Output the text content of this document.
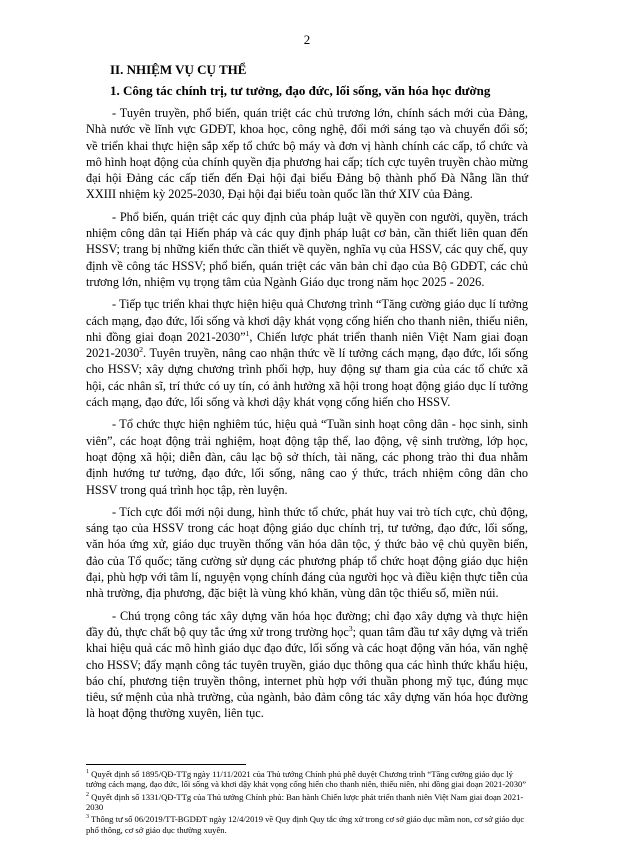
2
II. NHIỆM VỤ CỤ THỂ
1. Công tác chính trị, tư tưởng, đạo đức, lối sống, văn hóa học đường

- Tuyên truyền, phổ biến, quán triệt các chủ trương lớn, chính sách mới của Đảng, Nhà nước về lĩnh vực GDĐT, khoa học, công nghệ, đổi mới sáng tạo và chuyển đổi số; về triển khai thực hiện sắp xếp tổ chức bộ máy và đơn vị hành chính các cấp, tổ chức và mô hình hoạt động của chính quyền địa phương hai cấp; tích cực tuyên truyền chào mừng đại hội Đảng các cấp tiến đến Đại hội đại biểu Đảng bộ thành phố Đà Nẵng lần thứ XXIII nhiệm kỳ 2025-2030, Đại hội đại biểu toàn quốc lần thứ XIV của Đảng.

- Phổ biến, quán triệt các quy định của pháp luật về quyền con người, quyền, trách nhiệm công dân tại Hiến pháp và các quy định pháp luật cơ bản, cần thiết liên quan đến HSSV; trang bị những kiến thức cần thiết về quyền, nghĩa vụ của HSSV, các quy chế, quy định về công tác HSSV; phổ biến, quán triệt các văn bản chỉ đạo của Bộ GDĐT, các chủ trương lớn, nhiệm vụ trọng tâm của Ngành Giáo dục trong năm học 2025 - 2026.

- Tiếp tục triển khai thực hiện hiệu quả Chương trình “Tăng cường giáo dục lí tưởng cách mạng, đạo đức, lối sống và khơi dậy khát vọng cống hiến cho thanh niên, thiếu niên, nhi đồng giai đoạn 2021-2030”$^1$, Chiến lược phát triển thanh niên Việt Nam giai đoạn 2021-2030$^2$. Tuyên truyền, nâng cao nhận thức về lí tưởng cách mạng, đạo đức, lối sống cho HSSV; xây dựng chương trình phối hợp, huy động sự tham gia của các tổ chức xã hội, các nhân sĩ, trí thức có uy tín, có ảnh hưởng xã hội trong hoạt động giáo dục lí tưởng cách mạng, đạo đức, lối sống và khơi dậy khát vọng cống hiến cho HSSV.

- Tổ chức thực hiện nghiêm túc, hiệu quả “Tuần sinh hoạt công dân - học sinh, sinh viên”, các hoạt động trải nghiệm, hoạt động tập thể, lao động, vệ sinh trường, lớp học, hoạt động xã hội; diễn đàn, câu lạc bộ sở thích, tài năng, các phong trào thi đua nhằm định hướng tư tưởng, đạo đức, lối sống, nâng cao ý thức, trách nhiệm công dân cho HSSV trong quá trình học tập, rèn luyện.

- Tích cực đổi mới nội dung, hình thức tổ chức, phát huy vai trò tích cực, chủ động, sáng tạo của HSSV trong các hoạt động giáo dục chính trị, tư tưởng, đạo đức, lối sống, văn hóa ứng xử, giáo dục truyền thống văn hóa dân tộc, ý thức bảo vệ chủ quyền biển, đảo của Tổ quốc; tăng cường sử dụng các phương pháp tổ chức hoạt động giáo dục hiện đại, phù hợp với tâm lí, nguyện vọng chính đáng của người học và điều kiện thực tiễn của nhà trường, địa phương, đặc biệt là vùng khó khăn, vùng dân tộc thiểu số, miền núi.

- Chú trọng công tác xây dựng văn hóa học đường; chỉ đạo xây dựng và thực hiện đầy đủ, thực chất bộ quy tắc ứng xử trong trường học$^3$; quan tâm đầu tư xây dựng và triển khai hiệu quả các mô hình giáo dục đạo đức, lối sống và các hoạt động văn hóa, văn nghệ cho HSSV; đẩy mạnh công tác tuyên truyền, giáo dục thông qua các hình thức khẩu hiệu, báo chí, phương tiện truyền thông, internet phù hợp với thuần phong mỹ tục, đúng mục tiêu, sứ mệnh của nhà trường, của ngành, bảo đảm công tác xây dựng văn hóa học đường là hoạt động thường xuyên, liên tục.

$^1$ Quyết định số 1895/QĐ-TTg ngày 11/11/2021 của Thủ tướng Chính phủ phê duyệt Chương trình “Tăng cường giáo dục lý tưởng cách mạng, đạo đức, lối sống và khơi dậy khát vọng cống hiến cho thanh niên, thiếu niên, nhi đồng giai đoạn 2021-2030”
$^2$ Quyết định số 1331/QĐ-TTg của Thủ tướng Chính phủ: Ban hành Chiến lược phát triển thanh niên Việt Nam giai đoạn 2021- 2030
$^3$ Thông tư số 06/2019/TT-BGDĐT ngày 12/4/2019 về Quy định Quy tắc ứng xử trong cơ sở giáo dục mầm non, cơ sở giáo dục phổ thông, cơ sở giáo dục thường xuyên.
